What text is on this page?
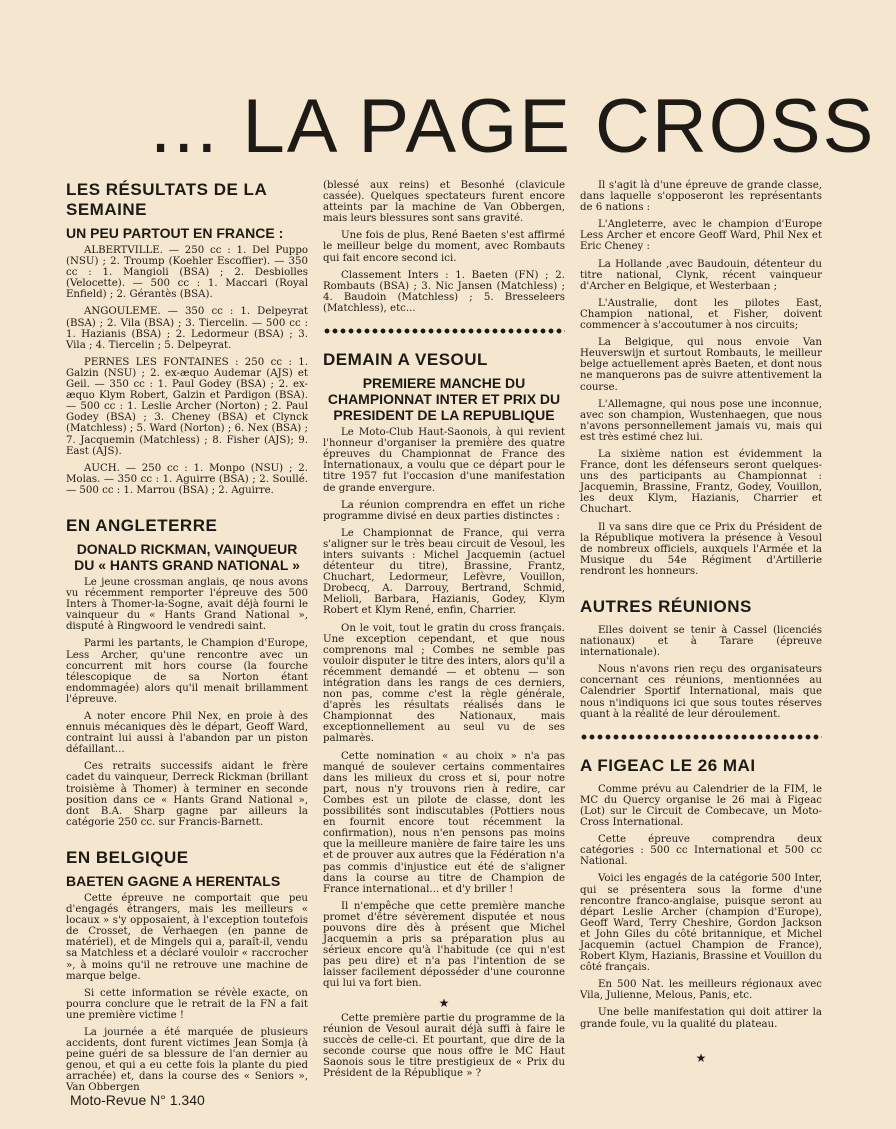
... LA PAGE CROSS
LES RÉSULTATS DE LA SEMAINE
UN PEU PARTOUT EN FRANCE :

ALBERTVILLE. — 250 cc : 1. Del Puppo (NSU) ; 2. Troump (Koehler Escoffier). — 350 cc : 1. Mangioli (BSA) ; 2. Desbiolles (Velocette). — 500 cc : 1. Maccari (Royal Enfield) ; 2. Gérantès (BSA).

ANGOULEME. — 350 cc : 1. Delpeyrat (BSA) ; 2. Vila (BSA) ; 3. Tiercelin. — 500 cc : 1. Hazianis (BSA) ; 2. Ledormeur (BSA) ; 3. Vila ; 4. Tiercelin ; 5. Delpeyrat.

PERNES LES FONTAINES : 250 cc : 1. Galzin (NSU) ; 2. ex-æquo Audemar (AJS) et Geil. — 350 cc : 1. Paul Godey (BSA) ; 2. ex-æquo Klym Robert, Galzin et Pardigon (BSA). — 500 cc : 1. Leslie Archer (Norton) ; 2. Paul Godey (BSA) ; 3. Cheney (BSA) et Clynck (Matchless) ; 5. Ward (Norton) ; 6. Nex (BSA) ; 7. Jacquemin (Matchless) ; 8. Fisher (AJS); 9. East (AJS).

AUCH. — 250 cc : 1. Monpo (NSU) ; 2. Molas. — 350 cc : 1. Aguirre (BSA) ; 2. Soullé. — 500 cc : 1. Marrou (BSA) ; 2. Aguirre.

EN ANGLETERRE
DONALD RICKMAN, VAINQUEUR DU « HANTS GRAND NATIONAL »

Le jeune crossman anglais, qe nous avons vu récemment remporter l'épreuve des 500 Inters à Thomer-la-Sogne, avait déjà fourni le vainqueur du « Hants Grand National », disputé à Ringwoord le vendredi saint.

Parmi les partants, le Champion d'Europe, Less Archer, qu'une rencontre avec un concurrent mit hors course (la fourche télescopique de sa Norton étant endommagée) alors qu'il menait brillamment l'épreuve.

A noter encore Phil Nex, en proie à des ennuis mécaniques dès le départ, Geoff Ward, contraint lui aussi à l'abandon par un piston défaillant...

Ces retraits successifs aidant le frère cadet du vainqueur, Derreck Rickman (brillant troisième à Thomer) à terminer en seconde position dans ce « Hants Grand National », dont B.A. Sharp gagne par ailleurs la catégorie 250 cc. sur Francis-Barnett.

EN BELGIQUE
BAETEN GAGNE A HERENTALS

Cette épreuve ne comportait que peu d'engagés étrangers, mais les meilleurs « locaux » s'y opposaient, à l'exception toutefois de Crosset, de Verhaegen (en panne de matériel), et de Mingels qui a, paraît-il, vendu sa Matchless et a déclaré vouloir « raccrocher », à moins qu'il ne retrouve une machine de marque belge.

Si cette information se révèle exacte, on pourra conclure que le retrait de la FN a fait une première victime !

La journée a été marquée de plusieurs accidents, dont furent victimes Jean Somja (à peine guéri de sa blessure de l'an dernier au genou, et qui a eu cette fois la plante du pied arrachée) et, dans la course des « Seniors », Van Obbergen

(blessé aux reins) et Besonhé (clavicule cassée). Quelques spectateurs furent encore atteints par la machine de Van Obbergen, mais leurs blessures sont sans gravité.

Une fois de plus, René Baeten s'est affirmé le meilleur belge du moment, avec Rombauts qui fait encore second ici.

Classement Inters : 1. Baeten (FN) ; 2. Rombauts (BSA) ; 3. Nic Jansen (Matchless) ; 4. Baudoin (Matchless) ; 5. Bresseleers (Matchless), etc...

DEMAIN A VESOUL
PREMIERE MANCHE DU CHAMPIONNAT INTER ET PRIX DU PRESIDENT DE LA REPUBLIQUE

Le Moto-Club Haut-Saonois, à qui revient l'honneur d'organiser la première des quatre épreuves du Championnat de France des Internationaux, a voulu que ce départ pour le titre 1957 fut l'occasion d'une manifestation de grande envergure.

La réunion comprendra en effet un riche programme divisé en deux parties distinctes :

Le Championnat de France, qui verra s'aligner sur le très beau circuit de Vesoul, les inters suivants : Michel Jacquemin (actuel détenteur du titre), Brassine, Frantz, Chuchart, Ledormeur, Lefèvre, Vouillon, Drobecq, A. Darrouy, Bertrand, Schmid, Melioli, Barbara, Hazianis, Godey, Klym Robert et Klym René, enfin, Charrier.

On le voit, tout le gratin du cross français. Une exception cependant, et que nous comprenons mal ; Combes ne semble pas vouloir disputer le titre des inters, alors qu'il a récemment demandé — et obtenu — son intégration dans les rangs de ces derniers, non pas, comme c'est la règle générale, d'après les résultats réalisés dans le Championnat des Nationaux, mais exceptionnellement au seul vu de ses palmarès.

Cette nomination « au choix » n'a pas manqué de soulever certains commentaires dans les milieux du cross et si, pour notre part, nous n'y trouvons rien à redire, car Combes est un pilote de classe, dont les possibilités sont indiscutables (Pottiers nous en fournit encore tout récemment la confirmation), nous n'en pensons pas moins que la meilleure manière de faire taire les uns et de prouver aux autres que la Fédération n'a pas commis d'injustice eut été de s'aligner dans la course au titre de Champion de France international... et d'y briller !

Il n'empêche que cette première manche promet d'être sévèrement disputée et nous pouvons dire dès à présent que Michel Jacquemin a pris sa préparation plus au sérieux encore qu'à l'habitude (ce qui n'est pas peu dire) et n'a pas l'intention de se laisser facilement déposséder d'une couronne qui lui va fort bien.

★

Cette première partie du programme de la réunion de Vesoul aurait déjà suffi à faire le succès de celle-ci. Et pourtant, que dire de la seconde course que nous offre le MC Haut Saonois sous le titre prestigieux de « Prix du Président de la République » ?

Il s'agit là d'une épreuve de grande classe, dans laquelle s'opposeront les représentants de 6 nations :

L'Angleterre, avec le champion d'Europe Less Archer et encore Geoff Ward, Phil Nex et Eric Cheney :

La Hollande ,avec Baudouin, détenteur du titre national, Clynk, récent vainqueur d'Archer en Belgique, et Westerbaan ;

L'Australie, dont les pilotes East, Champion national, et Fisher, doivent commencer à s'accoutumer à nos circuits;

La Belgique, qui nous envoie Van Heuverswijn et surtout Rombauts, le meilleur belge actuellement après Baeten, et dont nous ne manquerons pas de suivre attentivement la course.

L'Allemagne, qui nous pose une inconnue, avec son champion, Wustenhaegen, que nous n'avons personnellement jamais vu, mais qui est très estimé chez lui.

La sixième nation est évidemment la France, dont les défenseurs seront quelques-uns des participants au Championnat : Jacquemin, Brassine, Frantz, Godey, Vouillon, les deux Klym, Hazianis, Charrier et Chuchart.

Il va sans dire que ce Prix du Président de la République motivera la présence à Vesoul de nombreux officiels, auxquels l'Armée et la Musique du 54e Régiment d'Artillerie rendront les honneurs.

AUTRES RÉUNIONS

Elles doivent se tenir à Cassel (licenciés nationaux) et à Tarare (épreuve internationale).

Nous n'avons rien reçu des organisateurs concernant ces réunions, mentionnées au Calendrier Sportif International, mais que nous n'indiquons ici que sous toutes réserves quant à la réalité de leur déroulement.

A FIGEAC LE 26 MAI

Comme prévu au Calendrier de la FIM, le MC du Quercy organise le 26 mai à Figeac (Lot) sur le Circuit de Combecave, un Moto-Cross International.

Cette épreuve comprendra deux catégories : 500 cc International et 500 cc National.

Voici les engagés de la catégorie 500 Inter, qui se présentera sous la forme d'une rencontre franco-anglaise, puisque seront au départ Leslie Archer (champion d'Europe), Geoff Ward, Terry Cheshire, Gordon Jackson et John Giles du côté britannique, et Michel Jacquemin (actuel Champion de France), Robert Klym, Hazianis, Brassine et Vouillon du côté français.

En 500 Nat. les meilleurs régionaux avec Vila, Julienne, Melous, Panis, etc.

Une belle manifestation qui doit attirer la grande foule, vu la qualité du plateau.

★
Moto-Revue N° 1.340
